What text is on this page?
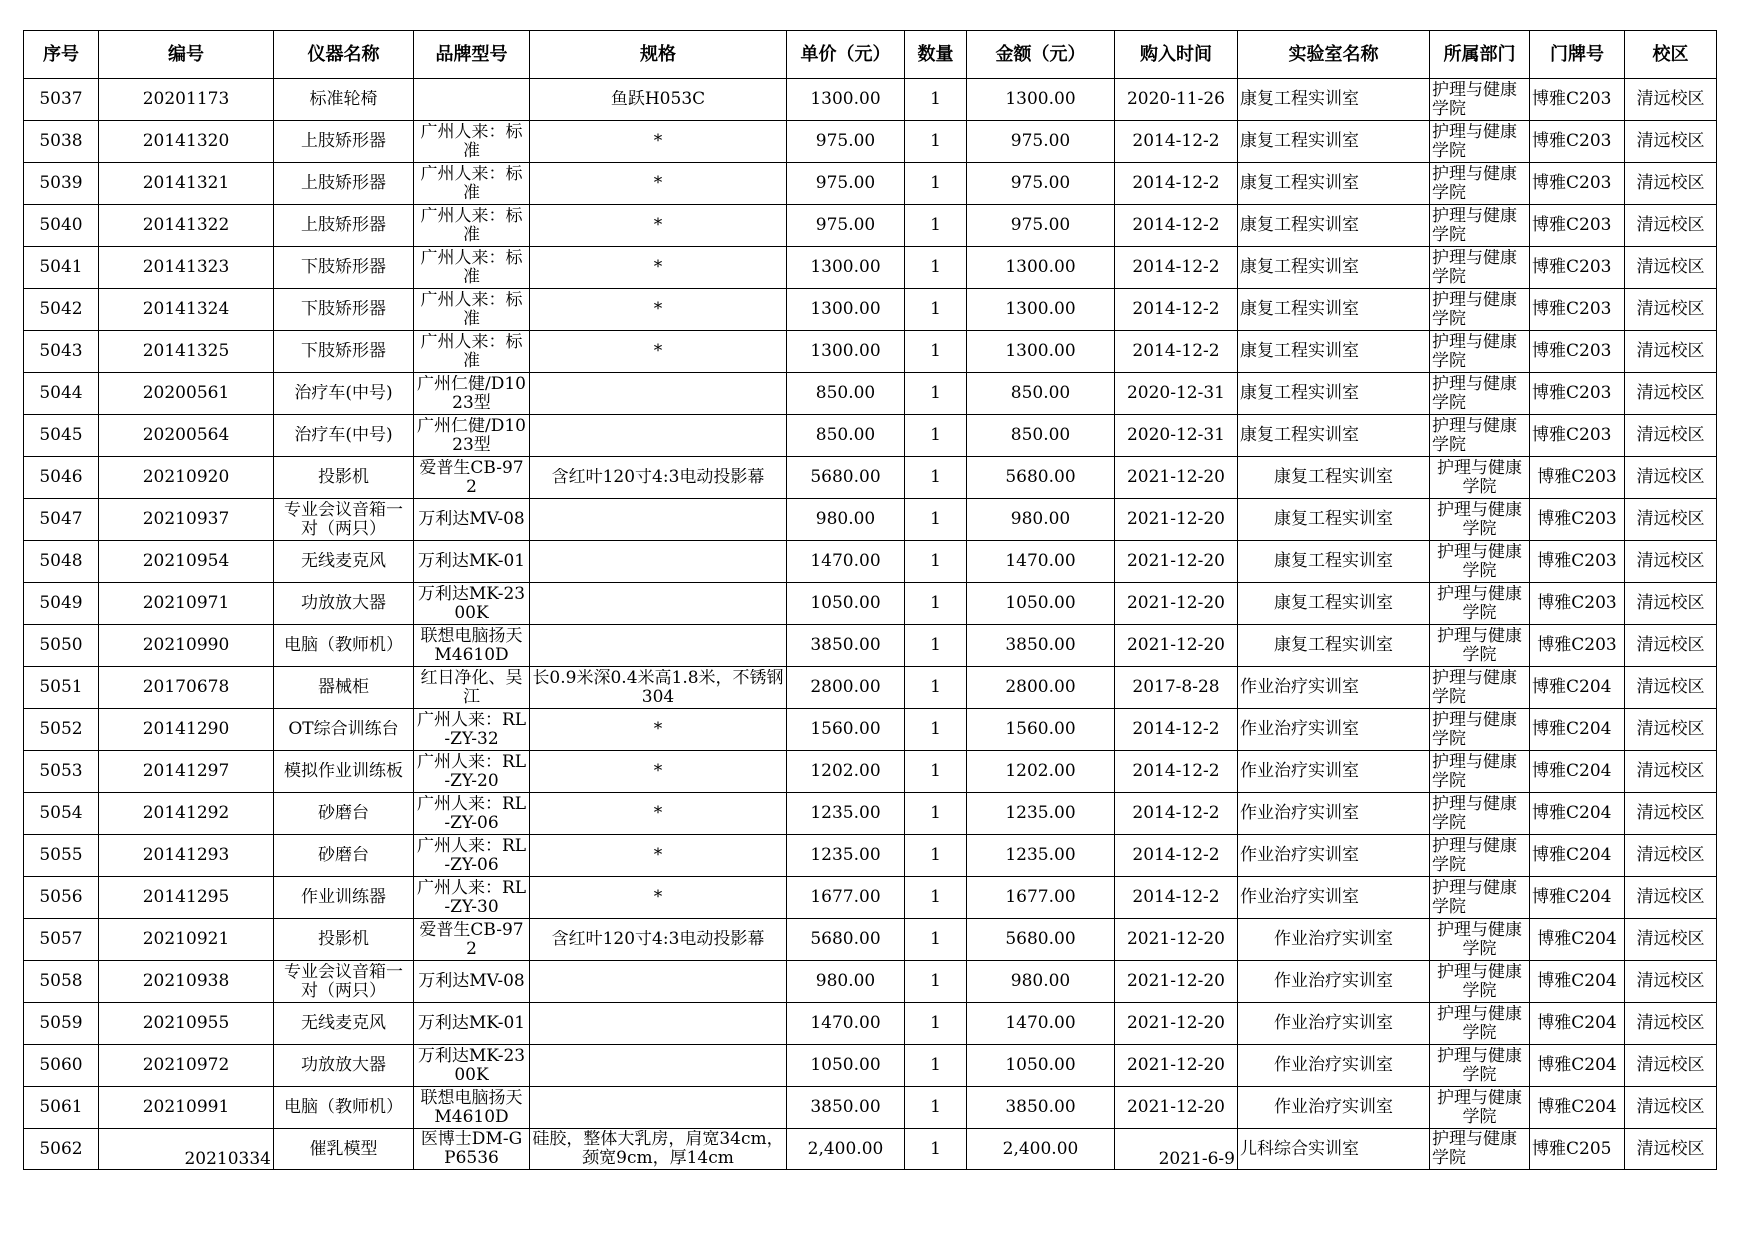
序号	编号	仪器名称	品牌型号	规格	单价（元）	数量	金额（元）	购入时间	实验室名称	所属部门	门牌号	校区
5037	20201173	标准轮椅		鱼跃H053C	1300.00	1	1300.00	2020-11-26	康复工程实训室	护理与健康学院	博雅C203	清远校区
5038	20141320	上肢矫形器	广州人来：标准	*	975.00	1	975.00	2014-12-2	康复工程实训室	护理与健康学院	博雅C203	清远校区
5039	20141321	上肢矫形器	广州人来：标准	*	975.00	1	975.00	2014-12-2	康复工程实训室	护理与健康学院	博雅C203	清远校区
5040	20141322	上肢矫形器	广州人来：标准	*	975.00	1	975.00	2014-12-2	康复工程实训室	护理与健康学院	博雅C203	清远校区
5041	20141323	下肢矫形器	广州人来：标准	*	1300.00	1	1300.00	2014-12-2	康复工程实训室	护理与健康学院	博雅C203	清远校区
5042	20141324	下肢矫形器	广州人来：标准	*	1300.00	1	1300.00	2014-12-2	康复工程实训室	护理与健康学院	博雅C203	清远校区
5043	20141325	下肢矫形器	广州人来：标准	*	1300.00	1	1300.00	2014-12-2	康复工程实训室	护理与健康学院	博雅C203	清远校区
5044	20200561	治疗车(中号)	广州仁健/D1023型		850.00	1	850.00	2020-12-31	康复工程实训室	护理与健康学院	博雅C203	清远校区
5045	20200564	治疗车(中号)	广州仁健/D1023型		850.00	1	850.00	2020-12-31	康复工程实训室	护理与健康学院	博雅C203	清远校区
5046	20210920	投影机	爱普生CB-972	含红叶120寸4:3电动投影幕	5680.00	1	5680.00	2021-12-20	康复工程实训室	护理与健康学院	博雅C203	清远校区
5047	20210937	专业会议音箱一对（两只）	万利达MV-08		980.00	1	980.00	2021-12-20	康复工程实训室	护理与健康学院	博雅C203	清远校区
5048	20210954	无线麦克风	万利达MK-01		1470.00	1	1470.00	2021-12-20	康复工程实训室	护理与健康学院	博雅C203	清远校区
5049	20210971	功放放大器	万利达MK-2300K		1050.00	1	1050.00	2021-12-20	康复工程实训室	护理与健康学院	博雅C203	清远校区
5050	20210990	电脑（教师机）	联想电脑扬天M4610D		3850.00	1	3850.00	2021-12-20	康复工程实训室	护理与健康学院	博雅C203	清远校区
5051	20170678	器械柜	红日净化、吴江	长0.9米深0.4米高1.8米，不锈钢304	2800.00	1	2800.00	2017-8-28	作业治疗实训室	护理与健康学院	博雅C204	清远校区
5052	20141290	OT综合训练台	广州人来：RL-ZY-32	*	1560.00	1	1560.00	2014-12-2	作业治疗实训室	护理与健康学院	博雅C204	清远校区
5053	20141297	模拟作业训练板	广州人来：RL-ZY-20	*	1202.00	1	1202.00	2014-12-2	作业治疗实训室	护理与健康学院	博雅C204	清远校区
5054	20141292	砂磨台	广州人来：RL-ZY-06	*	1235.00	1	1235.00	2014-12-2	作业治疗实训室	护理与健康学院	博雅C204	清远校区
5055	20141293	砂磨台	广州人来：RL-ZY-06	*	1235.00	1	1235.00	2014-12-2	作业治疗实训室	护理与健康学院	博雅C204	清远校区
5056	20141295	作业训练器	广州人来：RL-ZY-30	*	1677.00	1	1677.00	2014-12-2	作业治疗实训室	护理与健康学院	博雅C204	清远校区
5057	20210921	投影机	爱普生CB-972	含红叶120寸4:3电动投影幕	5680.00	1	5680.00	2021-12-20	作业治疗实训室	护理与健康学院	博雅C204	清远校区
5058	20210938	专业会议音箱一对（两只）	万利达MV-08		980.00	1	980.00	2021-12-20	作业治疗实训室	护理与健康学院	博雅C204	清远校区
5059	20210955	无线麦克风	万利达MK-01		1470.00	1	1470.00	2021-12-20	作业治疗实训室	护理与健康学院	博雅C204	清远校区
5060	20210972	功放放大器	万利达MK-2300K		1050.00	1	1050.00	2021-12-20	作业治疗实训室	护理与健康学院	博雅C204	清远校区
5061	20210991	电脑（教师机）	联想电脑扬天M4610D		3850.00	1	3850.00	2021-12-20	作业治疗实训室	护理与健康学院	博雅C204	清远校区
5062	20210334	催乳模型	医博士DM-GP6536	硅胶，整体大乳房，肩宽34cm，颈宽9cm，厚14cm	2,400.00	1	2,400.00	2021-6-9	儿科综合实训室	护理与健康学院	博雅C205	清远校区
